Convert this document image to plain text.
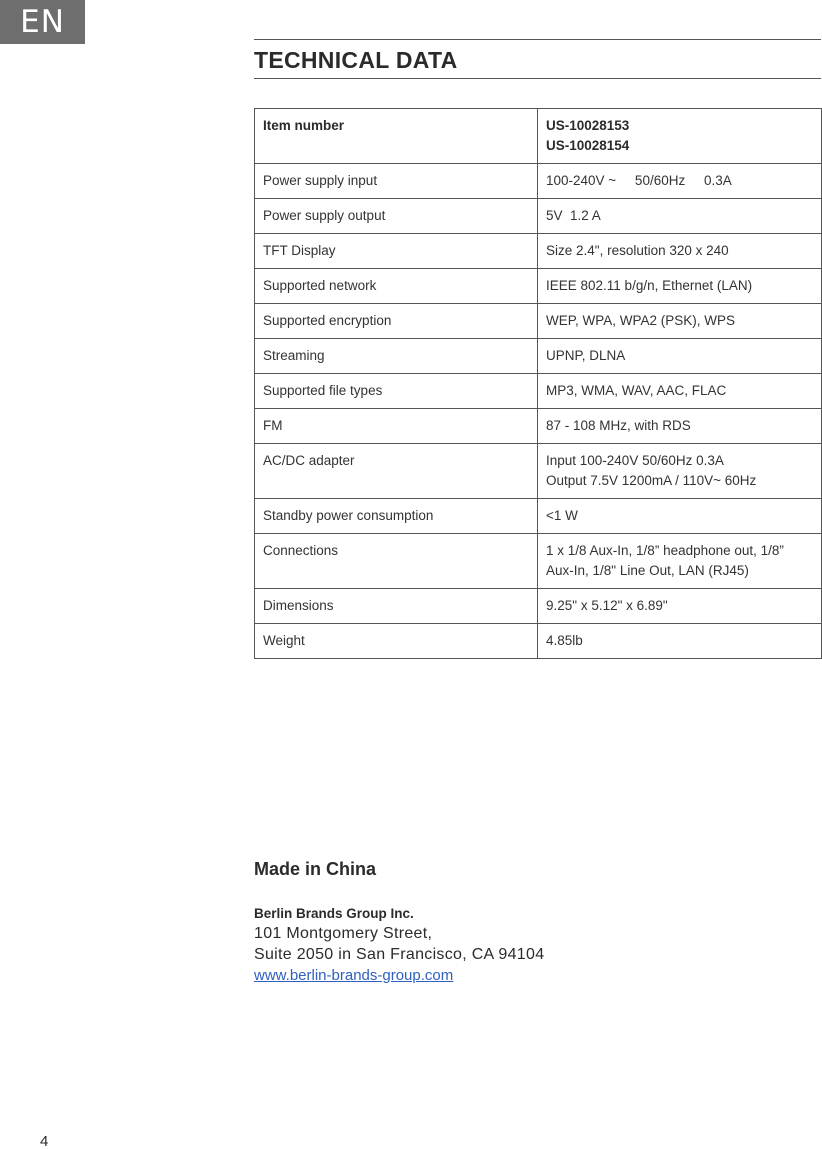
EN
TECHNICAL DATA
Item number	US-10028153
US-10028154

Power supply input	100-240V ~     50/60Hz     0.3A

Power supply output	5V  1.2 A

TFT Display	Size 2.4", resolution 320 x 240

Supported network	IEEE 802.11 b/g/n, Ethernet (LAN)

Supported encryption	WEP, WPA, WPA2 (PSK), WPS

Streaming	UPNP, DLNA

Supported file types	MP3, WMA, WAV, AAC, FLAC

FM	87 - 108 MHz, with RDS

AC/DC adapter	Input 100-240V 50/60Hz 0.3A
Output 7.5V 1200mA / 110V~ 60Hz

Standby power consumption	<1 W

Connections	1 x 1/8 Aux-In, 1/8” headphone out, 1/8”
Aux-In, 1/8" Line Out, LAN (RJ45)

Dimensions	9.25" x 5.12" x 6.89"

Weight	4.85lb
Made in China
Berlin Brands Group Inc.
101 Montgomery Street,
Suite 2050 in San Francisco, CA 94104
www.berlin-brands-group.com
4
